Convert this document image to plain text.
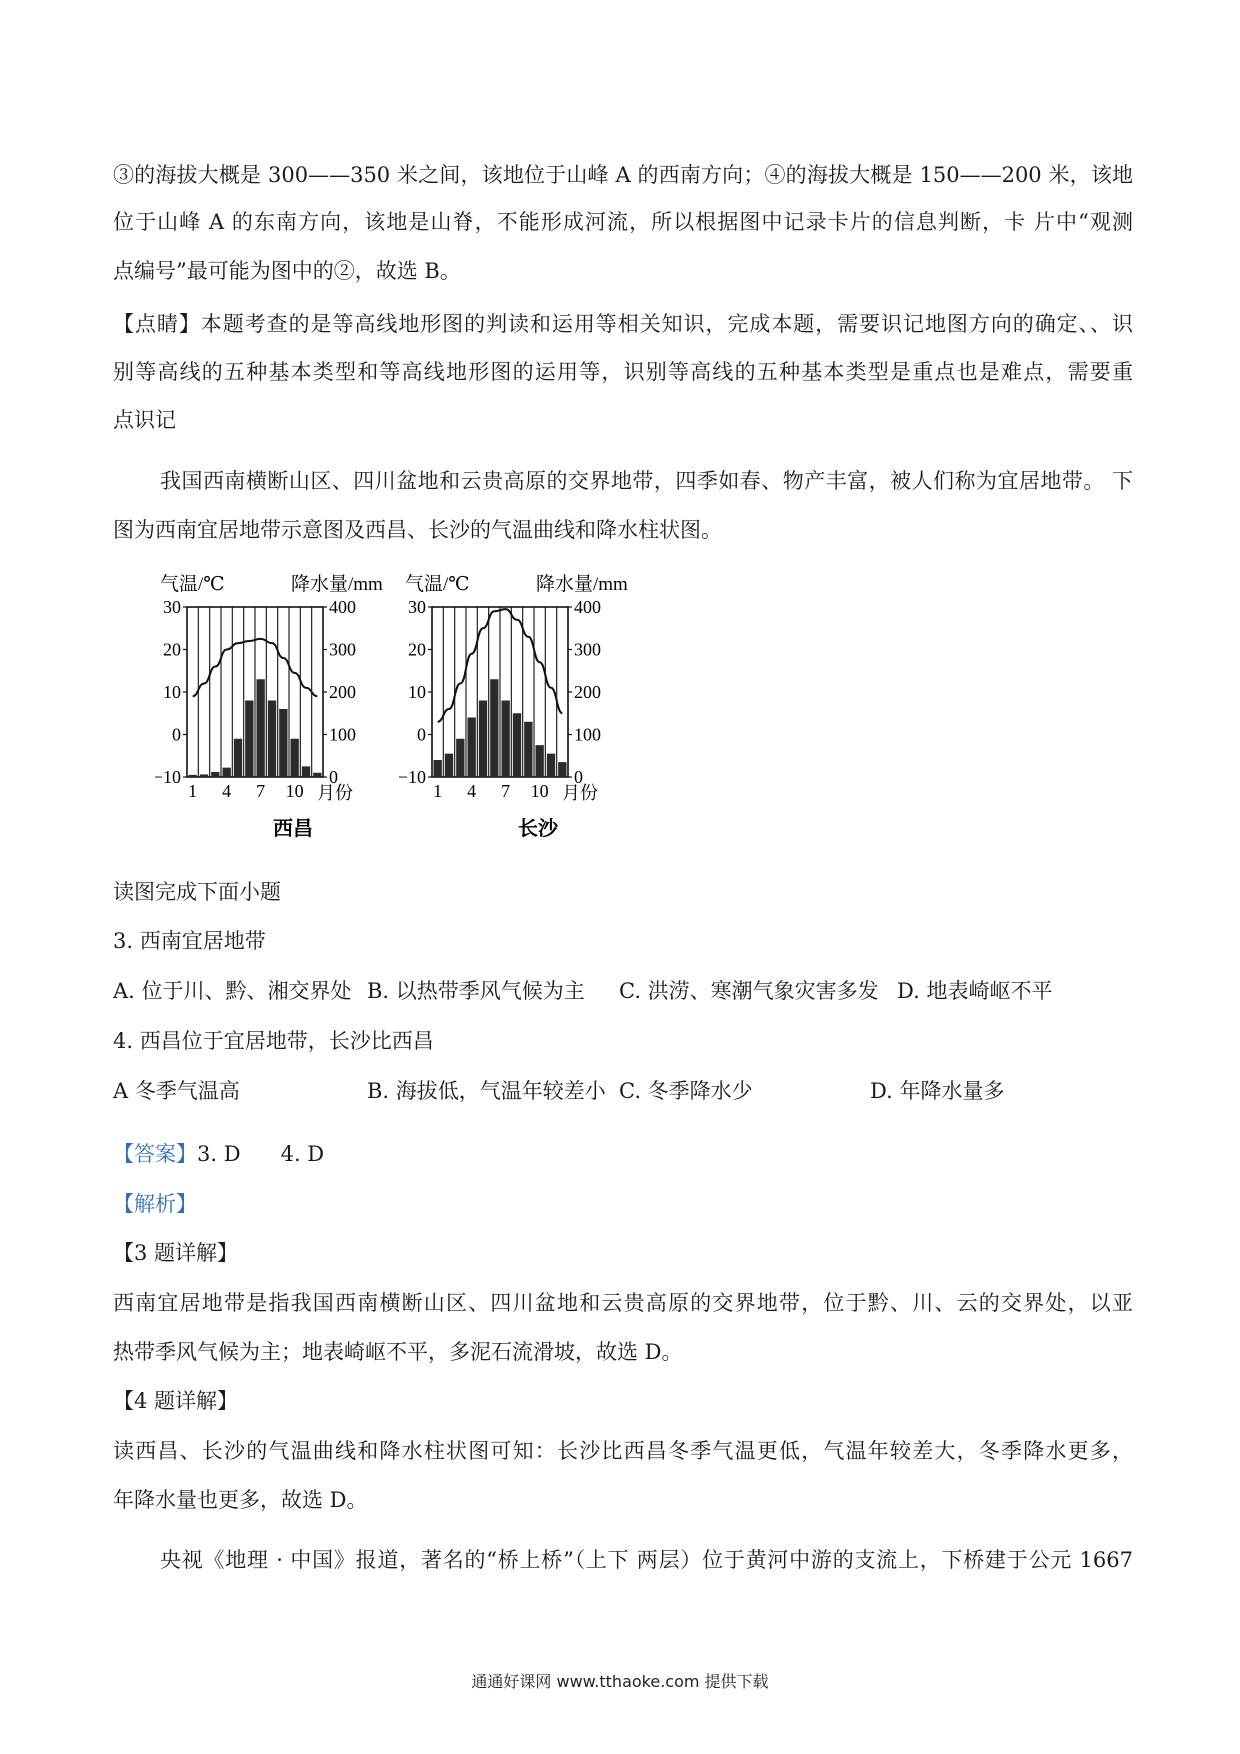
③的海拔大概是 300——350 米之间，该地位于山峰 A 的西南方向；④的海拔大概是 150——200 米，该地
位于山峰 A 的东南方向，该地是山脊，不能形成河流，所以根据图中记录卡片的信息判断，卡 片中“观测
点编号”最可能为图中的②，故选 B。
【点睛】本题考查的是等高线地形图的判读和运用等相关知识，完成本题，需要识记地图方向的确定、、识
别等高线的五种基本类型和等高线地形图的运用等，识别等高线的五种基本类型是重点也是难点，需要重
点识记
我国西南横断山区、四川盆地和云贵高原的交界地带，四季如春、物产丰富，被人们称为宜居地带。 下
图为西南宜居地带示意图及西昌、长沙的气温曲线和降水柱状图。
气温/℃	降水量/mm
西昌
30
20
10
0
−10
400
300
200
100
0
1 4 7 10 月份
气温/℃	降水量/mm
长沙
30
20
10
0
−10
400
300
200
100
0
1 4 7 10 月份
读图完成下面小题
3. 西南宜居地带
A. 位于川、黔、湘交界处 B. 以热带季风气候为主 C. 洪涝、寒潮气象灾害多发 D. 地表崎岖不平
4. 西昌位于宜居地带，长沙比西昌
A 冬季气温高	B. 海拔低，气温年较差小 C. 冬季降水少	D. 年降水量多
【答案】3. D      4. D
【解析】
【3 题详解】
西南宜居地带是指我国西南横断山区、四川盆地和云贵高原的交界地带，位于黔、川、云的交界处，以亚
热带季风气候为主；地表崎岖不平，多泥石流滑坡，故选 D。
【4 题详解】
读西昌、长沙的气温曲线和降水柱状图可知：长沙比西昌冬季气温更低，气温年较差大，冬季降水更多，
年降水量也更多，故选 D。
央视《地理 · 中国》报道，著名的“桥上桥”（上下 两层）位于黄河中游的支流上，下桥建于公元 1667
通通好课网 www.tthaoke.com 提供下载
